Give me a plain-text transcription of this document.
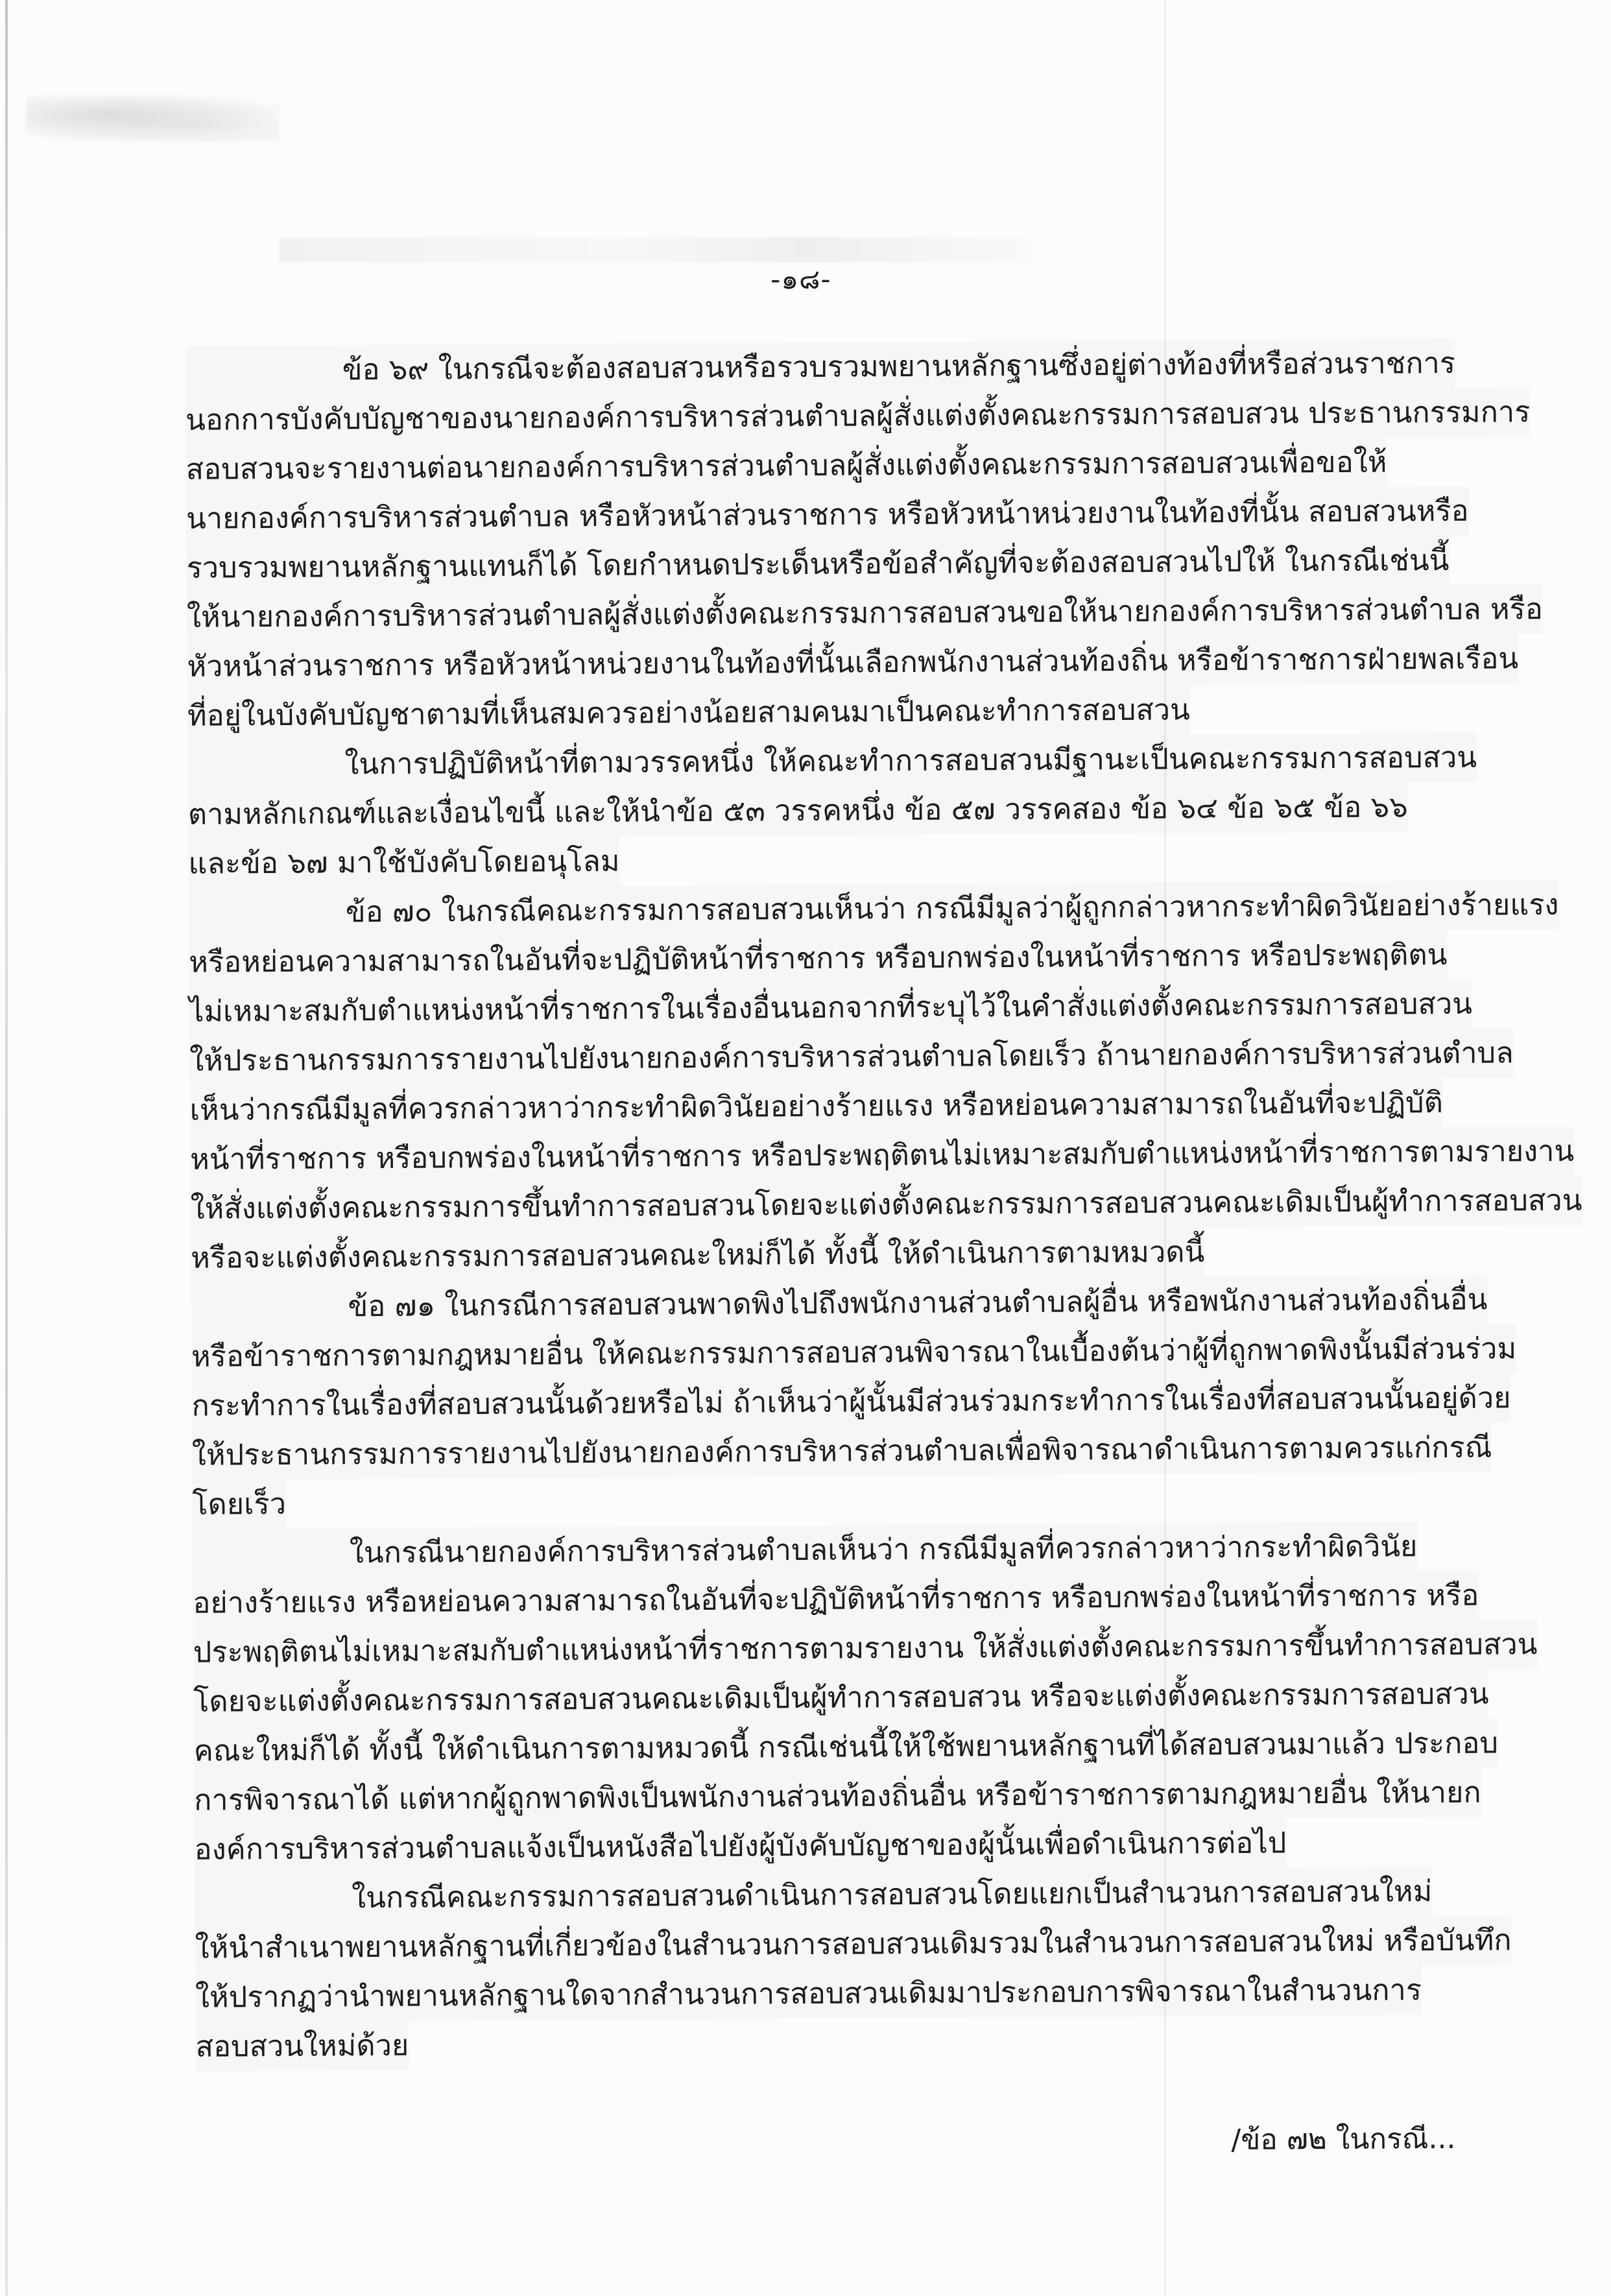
-๑๘-
ข้อ ๖๙ ในกรณีจะต้องสอบสวนหรือรวบรวมพยานหลักฐานซึ่งอยู่ต่างท้องที่หรือส่วนราชการ
นอกการบังคับบัญชาของนายกองค์การบริหารส่วนตำบลผู้สั่งแต่งตั้งคณะกรรมการสอบสวน ประธานกรรมการ
สอบสวนจะรายงานต่อนายกองค์การบริหารส่วนตำบลผู้สั่งแต่งตั้งคณะกรรมการสอบสวนเพื่อขอให้
นายกองค์การบริหารส่วนตำบล หรือหัวหน้าส่วนราชการ หรือหัวหน้าหน่วยงานในท้องที่นั้น สอบสวนหรือ
รวบรวมพยานหลักฐานแทนก็ได้ โดยกำหนดประเด็นหรือข้อสำคัญที่จะต้องสอบสวนไปให้ ในกรณีเช่นนี้
ให้นายกองค์การบริหารส่วนตำบลผู้สั่งแต่งตั้งคณะกรรมการสอบสวนขอให้นายกองค์การบริหารส่วนตำบล หรือ
หัวหน้าส่วนราชการ หรือหัวหน้าหน่วยงานในท้องที่นั้นเลือกพนักงานส่วนท้องถิ่น หรือข้าราชการฝ่ายพลเรือน
ที่อยู่ในบังคับบัญชาตามที่เห็นสมควรอย่างน้อยสามคนมาเป็นคณะทำการสอบสวน
ในการปฏิบัติหน้าที่ตามวรรคหนึ่ง ให้คณะทำการสอบสวนมีฐานะเป็นคณะกรรมการสอบสวน
ตามหลักเกณฑ์และเงื่อนไขนี้ และให้นำข้อ ๕๓ วรรคหนึ่ง ข้อ ๕๗ วรรคสอง ข้อ ๖๔ ข้อ ๖๕ ข้อ ๖๖
และข้อ ๖๗ มาใช้บังคับโดยอนุโลม
ข้อ ๗๐ ในกรณีคณะกรรมการสอบสวนเห็นว่า กรณีมีมูลว่าผู้ถูกกล่าวหากระทำผิดวินัยอย่างร้ายแรง
หรือหย่อนความสามารถในอันที่จะปฏิบัติหน้าที่ราชการ หรือบกพร่องในหน้าที่ราชการ หรือประพฤติตน
ไม่เหมาะสมกับตำแหน่งหน้าที่ราชการในเรื่องอื่นนอกจากที่ระบุไว้ในคำสั่งแต่งตั้งคณะกรรมการสอบสวน
ให้ประธานกรรมการรายงานไปยังนายกองค์การบริหารส่วนตำบลโดยเร็ว ถ้านายกองค์การบริหารส่วนตำบล
เห็นว่ากรณีมีมูลที่ควรกล่าวหาว่ากระทำผิดวินัยอย่างร้ายแรง หรือหย่อนความสามารถในอันที่จะปฏิบัติ
หน้าที่ราชการ หรือบกพร่องในหน้าที่ราชการ หรือประพฤติตนไม่เหมาะสมกับตำแหน่งหน้าที่ราชการตามรายงาน
ให้สั่งแต่งตั้งคณะกรรมการขึ้นทำการสอบสวนโดยจะแต่งตั้งคณะกรรมการสอบสวนคณะเดิมเป็นผู้ทำการสอบสวน
หรือจะแต่งตั้งคณะกรรมการสอบสวนคณะใหม่ก็ได้ ทั้งนี้ ให้ดำเนินการตามหมวดนี้
ข้อ ๗๑ ในกรณีการสอบสวนพาดพิงไปถึงพนักงานส่วนตำบลผู้อื่น หรือพนักงานส่วนท้องถิ่นอื่น
หรือข้าราชการตามกฎหมายอื่น ให้คณะกรรมการสอบสวนพิจารณาในเบื้องต้นว่าผู้ที่ถูกพาดพิงนั้นมีส่วนร่วม
กระทำการในเรื่องที่สอบสวนนั้นด้วยหรือไม่ ถ้าเห็นว่าผู้นั้นมีส่วนร่วมกระทำการในเรื่องที่สอบสวนนั้นอยู่ด้วย
ให้ประธานกรรมการรายงานไปยังนายกองค์การบริหารส่วนตำบลเพื่อพิจารณาดำเนินการตามควรแก่กรณี
โดยเร็ว
ในกรณีนายกองค์การบริหารส่วนตำบลเห็นว่า กรณีมีมูลที่ควรกล่าวหาว่ากระทำผิดวินัย
อย่างร้ายแรง หรือหย่อนความสามารถในอันที่จะปฏิบัติหน้าที่ราชการ หรือบกพร่องในหน้าที่ราชการ หรือ
ประพฤติตนไม่เหมาะสมกับตำแหน่งหน้าที่ราชการตามรายงาน ให้สั่งแต่งตั้งคณะกรรมการขึ้นทำการสอบสวน
โดยจะแต่งตั้งคณะกรรมการสอบสวนคณะเดิมเป็นผู้ทำการสอบสวน หรือจะแต่งตั้งคณะกรรมการสอบสวน
คณะใหม่ก็ได้ ทั้งนี้ ให้ดำเนินการตามหมวดนี้ กรณีเช่นนี้ให้ใช้พยานหลักฐานที่ได้สอบสวนมาแล้ว ประกอบ
การพิจารณาได้ แต่หากผู้ถูกพาดพิงเป็นพนักงานส่วนท้องถิ่นอื่น หรือข้าราชการตามกฎหมายอื่น ให้นายก
องค์การบริหารส่วนตำบลแจ้งเป็นหนังสือไปยังผู้บังคับบัญชาของผู้นั้นเพื่อดำเนินการต่อไป
ในกรณีคณะกรรมการสอบสวนดำเนินการสอบสวนโดยแยกเป็นสำนวนการสอบสวนใหม่
ให้นำสำเนาพยานหลักฐานที่เกี่ยวข้องในสำนวนการสอบสวนเดิมรวมในสำนวนการสอบสวนใหม่ หรือบันทึก
ให้ปรากฏว่านำพยานหลักฐานใดจากสำนวนการสอบสวนเดิมมาประกอบการพิจารณาในสำนวนการ
สอบสวนใหม่ด้วย
/ข้อ ๗๒ ในกรณี...
